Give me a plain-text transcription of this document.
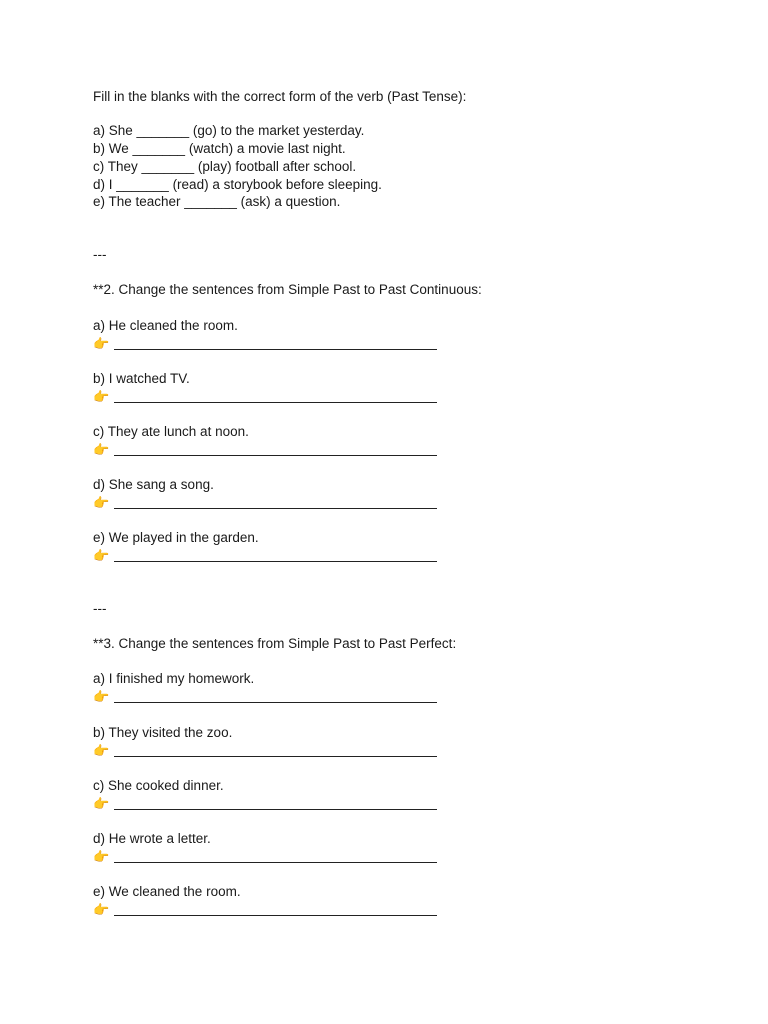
Fill in the blanks with the correct form of the verb (Past Tense):
a) She _______ (go) to the market yesterday.
b) We _______ (watch) a movie last night.
c) They _______ (play) football after school.
d) I _______ (read) a storybook before sleeping.
e) The teacher _______ (ask) a question.
---
**2. Change the sentences from Simple Past to Past Continuous:
a) He cleaned the room.
👉
b) I watched TV.
👉
c) They ate lunch at noon.
👉
d) She sang a song.
👉
e) We played in the garden.
👉
---
**3. Change the sentences from Simple Past to Past Perfect:
a) I finished my homework.
👉
b) They visited the zoo.
👉
c) She cooked dinner.
👉
d) He wrote a letter.
👉
e) We cleaned the room.
👉
